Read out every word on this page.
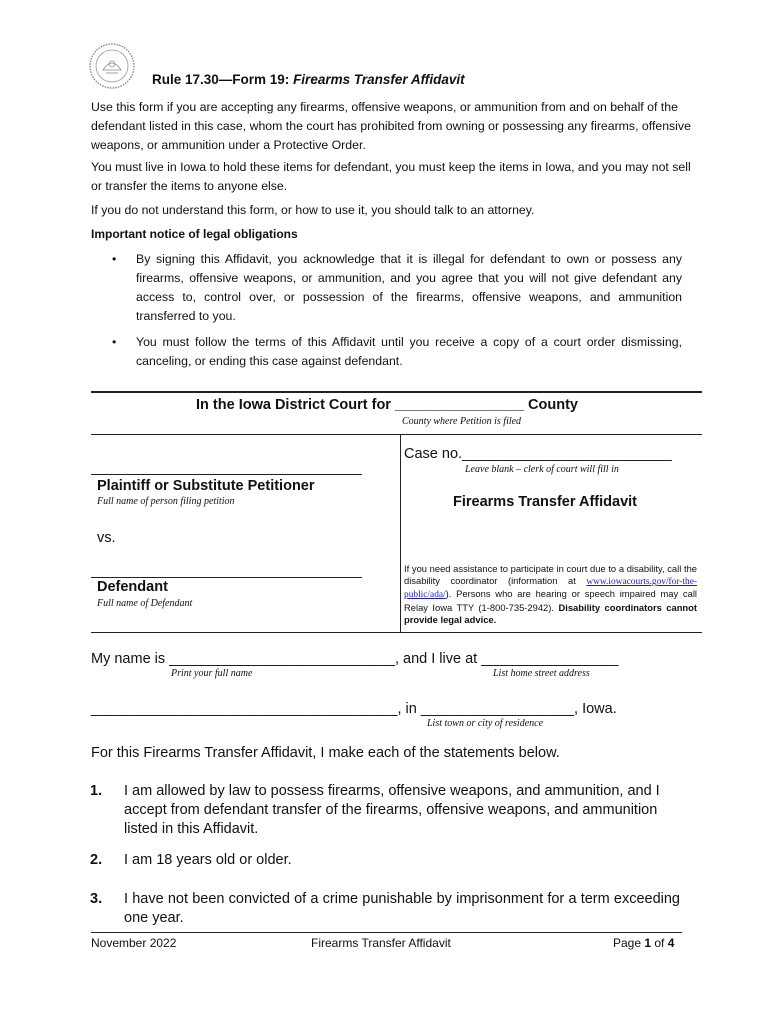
Rule 17.30—Form 19: Firearms Transfer Affidavit

Use this form if you are accepting any firearms, offensive weapons, or ammunition from and on behalf of the defendant listed in this case, whom the court has prohibited from owning or possessing any firearms, offensive weapons, or ammunition under a Protective Order.

You must live in Iowa to hold these items for defendant, you must keep the items in Iowa, and you may not sell or transfer the items to anyone else.

If you do not understand this form, or how to use it, you should talk to an attorney.

Important notice of legal obligations

• By signing this Affidavit, you acknowledge that it is illegal for defendant to own or possess any firearms, offensive weapons, or ammunition, and you agree that you will not give defendant any access to, control over, or possession of the firearms, offensive weapons, and ammunition transferred to you.

• You must follow the terms of this Affidavit until you receive a copy of a court order dismissing, canceling, or ending this case against defendant.

In the Iowa District Court for ________________ County
County where Petition is filed
Case no.__________________________
Leave blank – clerk of court will fill in
Plaintiff or Substitute Petitioner
Full name of person filing petition	Firearms Transfer Affidavit
vs.
If you need assistance to participate in court due to a disability, call the disability coordinator (information at www.iowacourts.gov/for-the-public/ada/). Persons who are hearing or speech impaired may call Relay Iowa TTY (1-800-735-2942). Disability coordinators cannot provide legal advice.
Defendant
Full name of Defendant
My name is ____________________________, and I live at _________________
Print your full name	List home street address
______________________________________, in ___________________, Iowa.
List town or city of residence

For this Firearms Transfer Affidavit, I make each of the statements below.

1. I am allowed by law to possess firearms, offensive weapons, and ammunition, and I accept from defendant transfer of the firearms, offensive weapons, and ammunition listed in this Affidavit.

2. I am 18 years old or older.

3. I have not been convicted of a crime punishable by imprisonment for a term exceeding one year.

November 2022	Firearms Transfer Affidavit	Page 1 of 4
